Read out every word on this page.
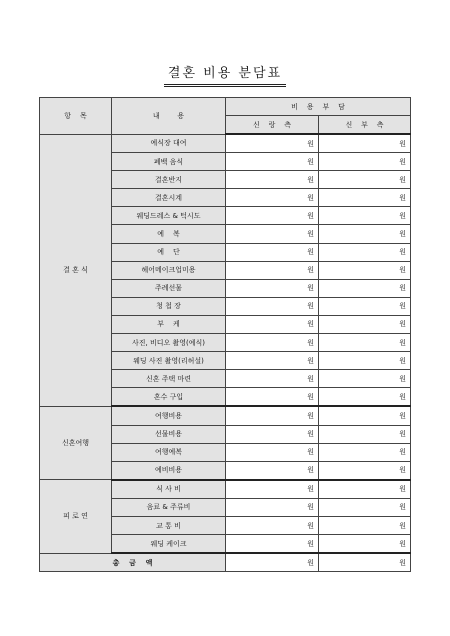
결혼 비용 분담표
항    목	내        용	비    용    부    담	
		신    랑    측	신    부    측
결 혼 식	예식장 대여	원	원
	폐백 음식	원	원
	결혼반지	원	원
	결혼시계	원	원
	웨딩드레스 & 턱시도	원	원
	예    복	원	원
	예    단	원	원
	헤어메이크업미용	원	원
	주례선물	원	원
	청 첩 장	원	원
	부    케	원	원
	사진, 비디오 촬영(예식)	원	원
	웨딩 사진 촬영(리허설)	원	원
	신혼 주택 마련	원	원
	혼수 구입	원	원
신혼여행	여행비용	원	원
	선물비용	원	원
	여행예복	원	원
	예비비용	원	원
피 로 연	식 사 비	원	원
	음료 & 주류비	원	원
	교 통 비	원	원
	웨딩 케이크	원	원
총    금    액		원	원
